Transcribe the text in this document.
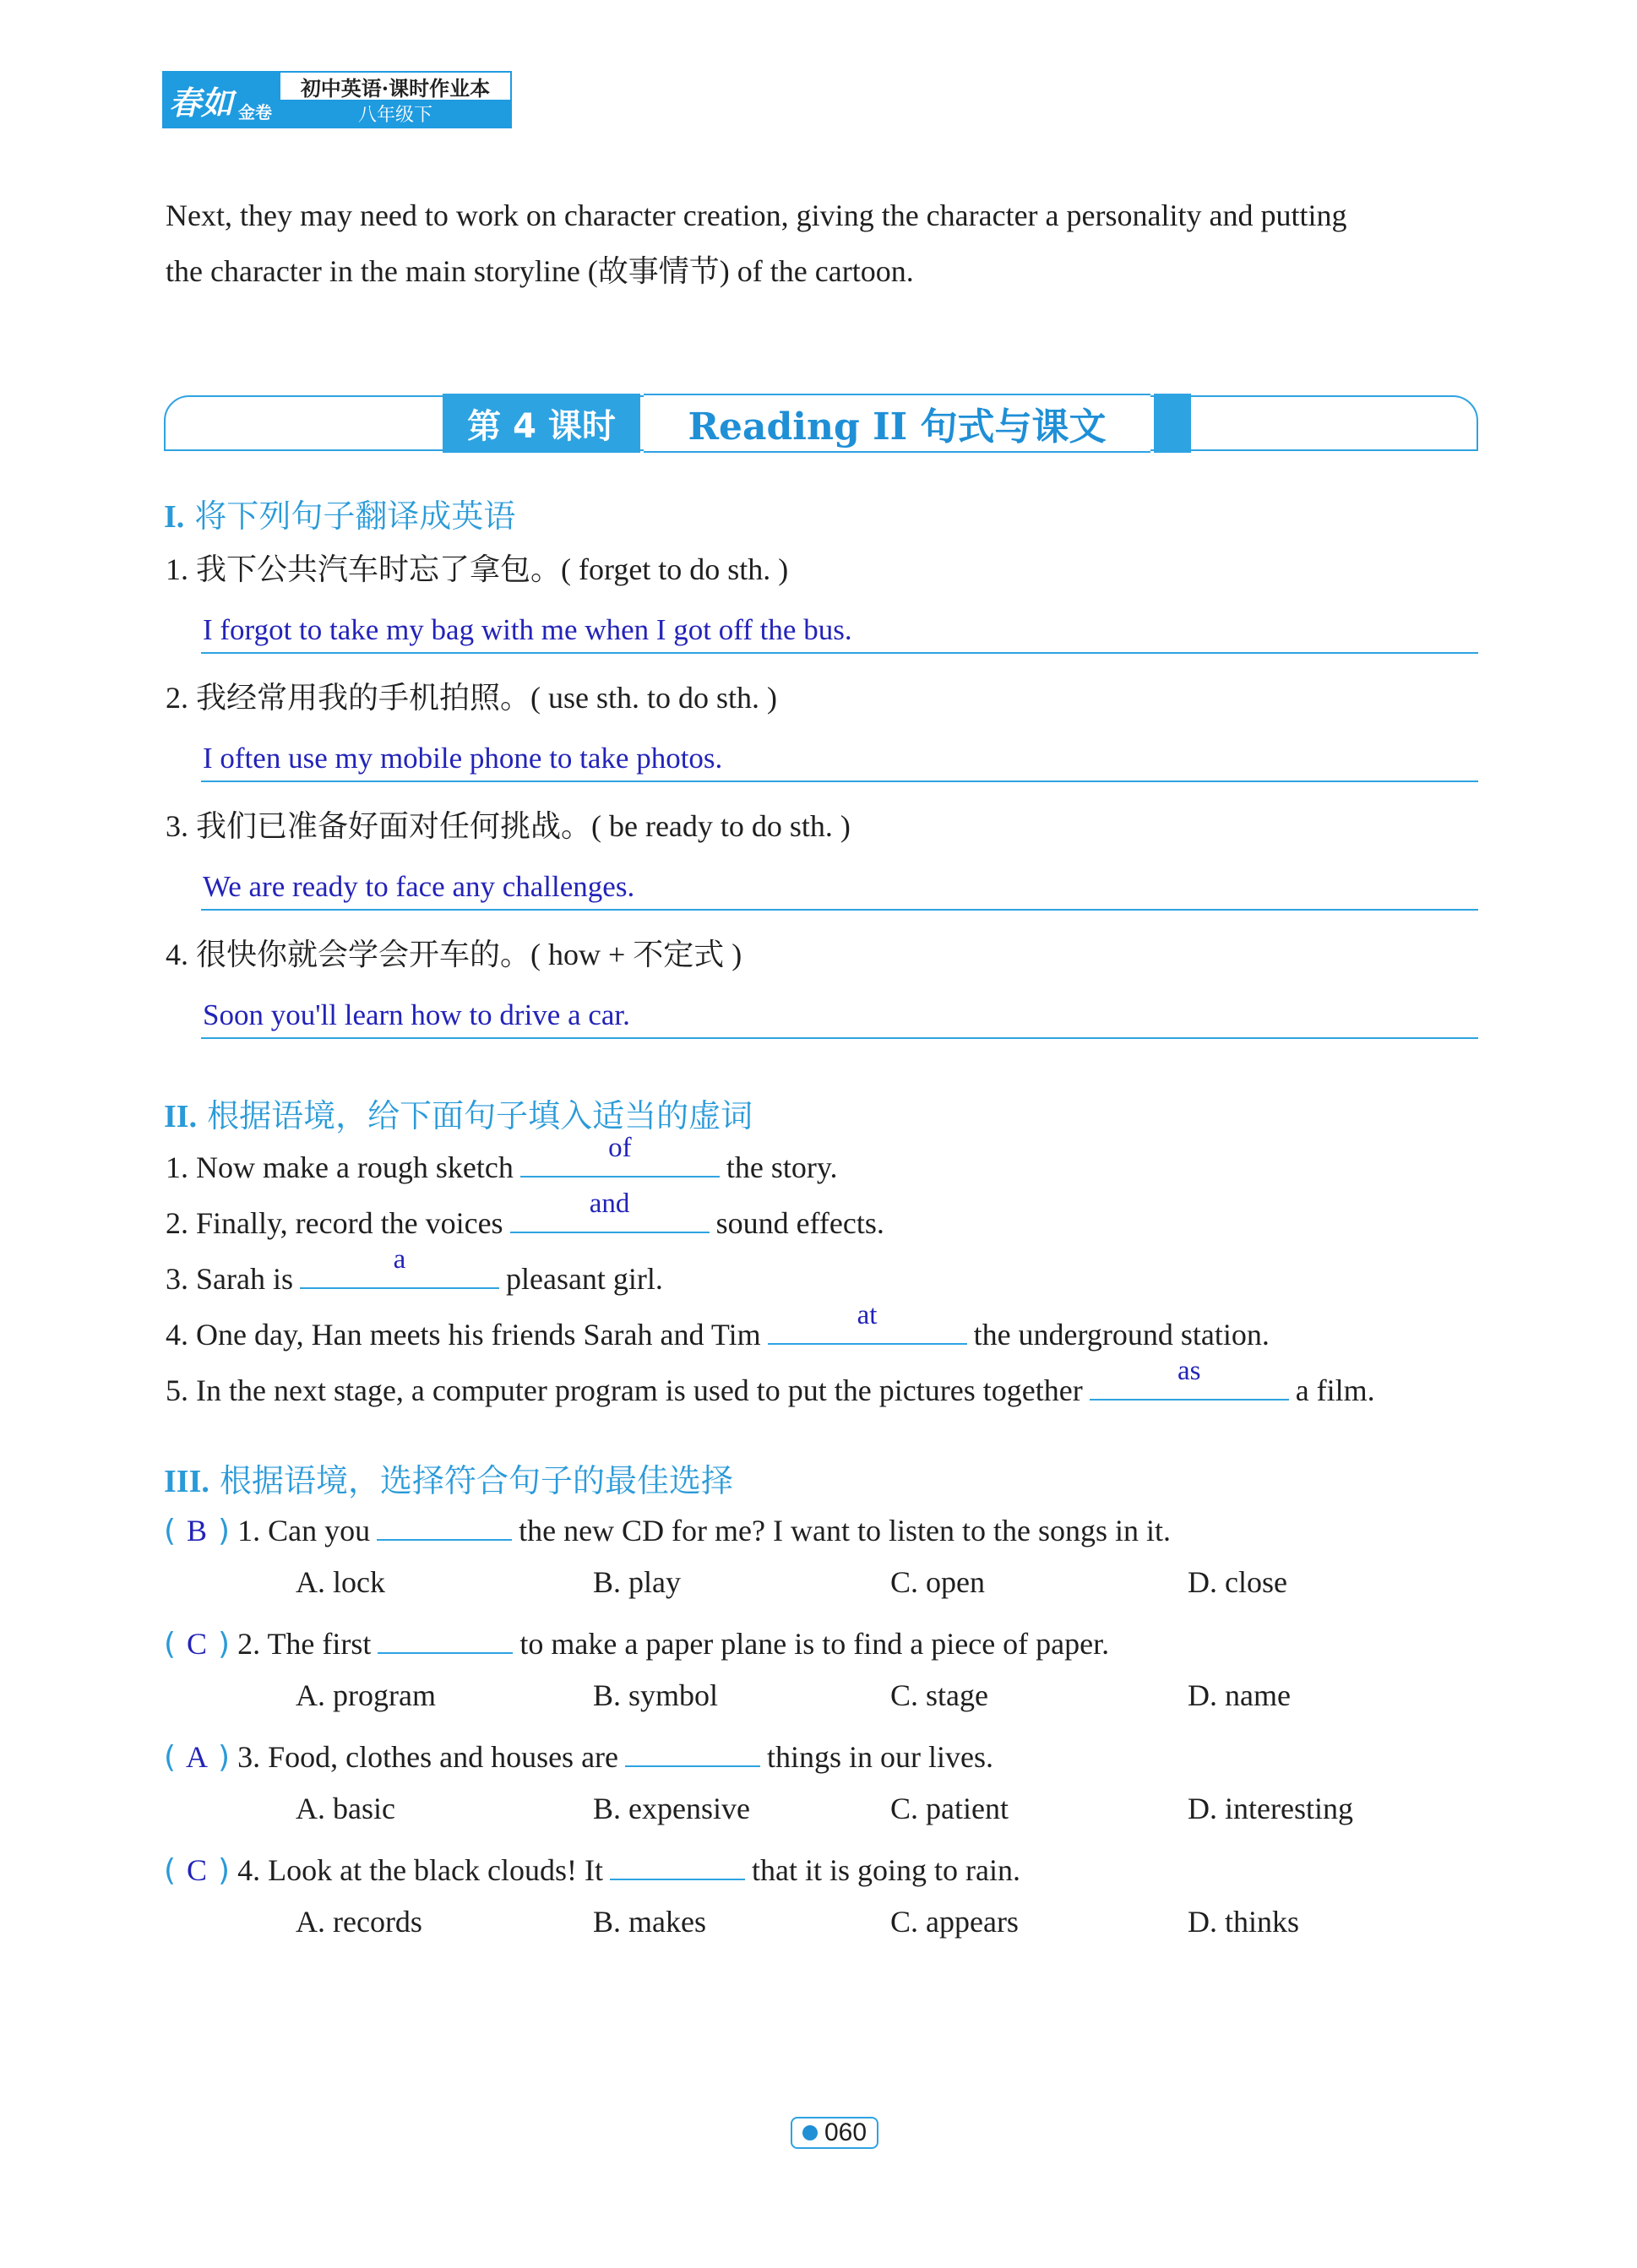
春如 金卷
初中英语·课时作业本
八年级下
Next, they may need to work on character creation, giving the character a personality and putting
the character in the main storyline (故事情节) of the cartoon.
第 4 课时	Reading II 句式与课文
I. 将下列句子翻译成英语
1. 我下公共汽车时忘了拿包。( forget to do sth. )
I forgot to take my bag with me when I got off the bus.
2. 我经常用我的手机拍照。( use sth. to do sth. )
I often use my mobile phone to take photos.
3. 我们已准备好面对任何挑战。( be ready to do sth. )
We are ready to face any challenges.
4. 很快你就会学会开车的。( how + 不定式 )
Soon you'll learn how to drive a car.
II. 根据语境，给下面句子填入适当的虚词
1. Now make a rough sketch
of
the story.
2. Finally, record the voices
and
sound effects.
3. Sarah is
a
pleasant girl.
4. One day, Han meets his friends Sarah and Tim
at
the underground station.
5. In the next stage, a computer program is used to put the pictures together
as
a film.
III. 根据语境，选择符合句子的最佳选择
( B ) 1. Can you	the new CD for me? I want to listen to the songs in it.
A. lock	B. play	C. open	D. close
( C ) 2. The first	to make a paper plane is to find a piece of paper.
A. program	B. symbol	C. stage	D. name
( A ) 3. Food, clothes and houses are	things in our lives.
A. basic	B. expensive	C. patient	D. interesting
( C ) 4. Look at the black clouds! It	that it is going to rain.
A. records	B. makes	C. appears	D. thinks
060
